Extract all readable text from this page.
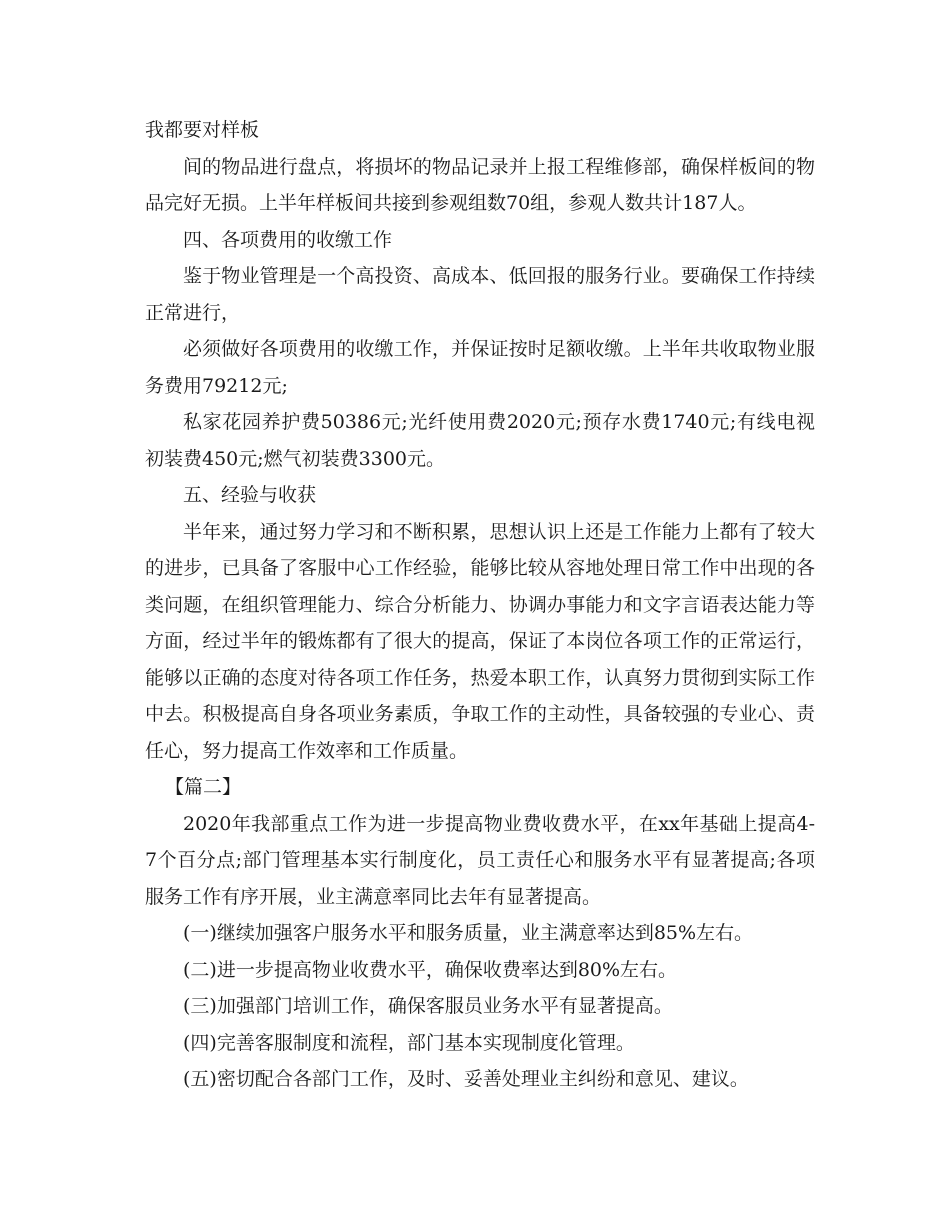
我都要对样板

间的物品进行盘点，将损坏的物品记录并上报工程维修部，确保样板间的物品完好无损。上半年样板间共接到参观组数70组，参观人数共计187人。

四、各项费用的收缴工作

鉴于物业管理是一个高投资、高成本、低回报的服务行业。要确保工作持续正常进行，

必须做好各项费用的收缴工作，并保证按时足额收缴。上半年共收取物业服务费用79212元;

私家花园养护费50386元;光纤使用费2020元;预存水费1740元;有线电视初装费450元;燃气初装费3300元。

五、经验与收获

半年来，通过努力学习和不断积累，思想认识上还是工作能力上都有了较大的进步，已具备了客服中心工作经验，能够比较从容地处理日常工作中出现的各类问题，在组织管理能力、综合分析能力、协调办事能力和文字言语表达能力等方面，经过半年的锻炼都有了很大的提高，保证了本岗位各项工作的正常运行，能够以正确的态度对待各项工作任务，热爱本职工作，认真努力贯彻到实际工作中去。积极提高自身各项业务素质，争取工作的主动性，具备较强的专业心、责任心，努力提高工作效率和工作质量。

【篇二】

2020年我部重点工作为进一步提高物业费收费水平，在xx年基础上提高4-7个百分点;部门管理基本实行制度化，员工责任心和服务水平有显著提高;各项服务工作有序开展，业主满意率同比去年有显著提高。

(一)继续加强客户服务水平和服务质量，业主满意率达到85%左右。

(二)进一步提高物业收费水平，确保收费率达到80%左右。

(三)加强部门培训工作，确保客服员业务水平有显著提高。

(四)完善客服制度和流程，部门基本实现制度化管理。

(五)密切配合各部门工作，及时、妥善处理业主纠纷和意见、建议。
